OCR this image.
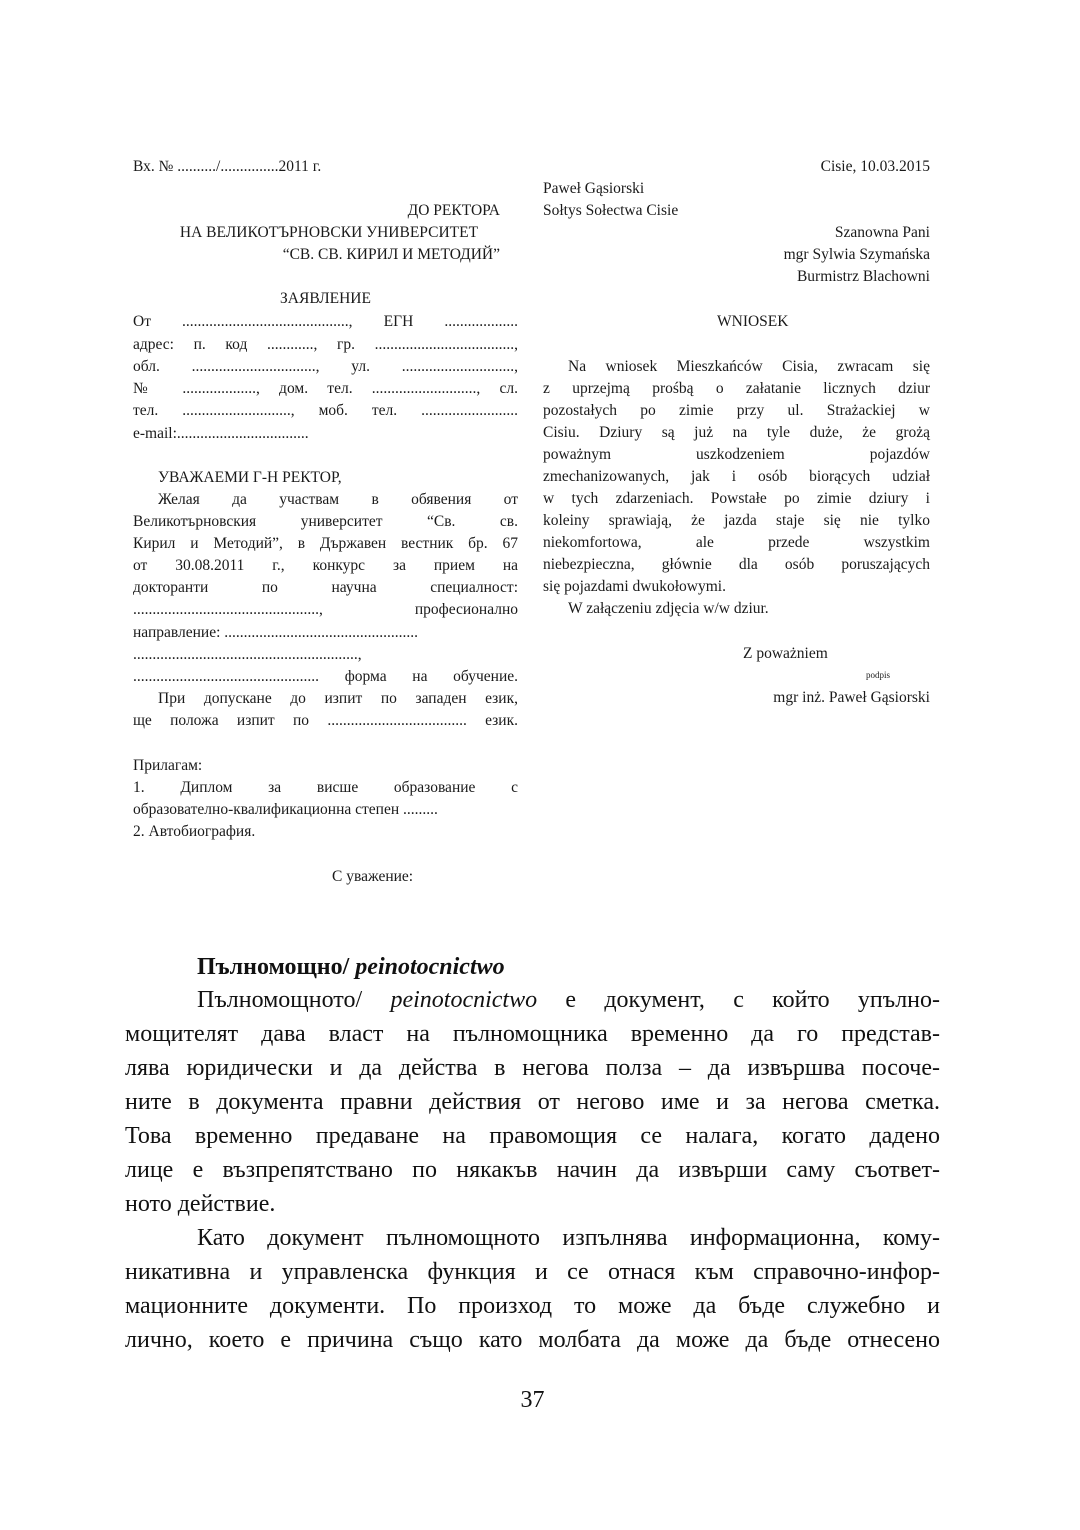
Вх. № ........../...............2011 г.
ДО РЕКТОРА
НА ВЕЛИКОТЪРНОВСКИ УНИВЕРСИТЕТ
“СВ. СВ. КИРИЛ И МЕТОДИЙ”
ЗАЯВЛЕНИЕ
От ..........................................., ЕГН ...................
адрес: п. код ............, гр. ....................................,
обл. ................................, ул. .............................,
№ ..................., дом. тел. ..........................., сл.
тел. ............................, моб. тел. .........................
e-mail:..................................
УВАЖАЕМИ Г-Н РЕКТОР,
Желая да участвам в обявения от
Великотърновския университет “Св. св.
Кирил и Методий”, в Държавен вестник бр. 67
от 30.08.2011 г., конкурс за прием на
докторанти по научна специалност:
................................................, професионално
направление: ..................................................
..........................................................,
................................................ форма на обучение.
При допускане до изпит по западен език,
ще положа изпит по .................................... език.
Прилагам:
1. Диплом за висше образование с
образователно-квалификационна степен .........
2. Автобиография.
С уважение:
Cisie, 10.03.2015
Paweł Gąsiorski
Sołtys Sołectwa Cisie
Szanowna Pani
mgr Sylwia Szymańska
Burmistrz Blachowni
WNIOSEK
Na wniosek Mieszkańców Cisia, zwracam się
z uprzejmą prośbą o załatanie licznych dziur
pozostałych po zimie przy ul. Strażackiej w
Cisiu. Dziury są już na tyle duże, że grożą
poważnym uszkodzeniem pojazdów
zmechanizowanych, jak i osób biorących udział
w tych zdarzeniach. Powstałe po zimie dziury i
koleiny sprawiają, że jazda staje się nie tylko
niekomfortowa, ale przede wszystkim
niebezpieczna, głównie dla osób poruszających
się pojazdami dwukołowymi.
W załączeniu zdjęcia w/w dziur.
Z poważniem
podpis
mgr inż. Paweł Gąsiorski
Пълномощно/ peinotocnictwo
Пълномощното/ peinotocnictwo е документ, с който упълно-
мощителят дава власт на пълномощника временно да го представ-
лява юридически и да действа в негова полза – да извършва посоче-
ните в документа правни действия от негово име и за негова сметка.
Това временно предаване на правомощия се налага, когато дадено
лице е възпрепятствано по някакъв начин да извърши саму съответ-
ното действие.
Като документ пълномощното изпълнява информационна, кому-
никативна и управленска функция и се отнася към справочно-инфор-
мационните документи. По произход то може да бъде служебно и
лично, което е причина също като молбата да може да бъде отнесено
37
